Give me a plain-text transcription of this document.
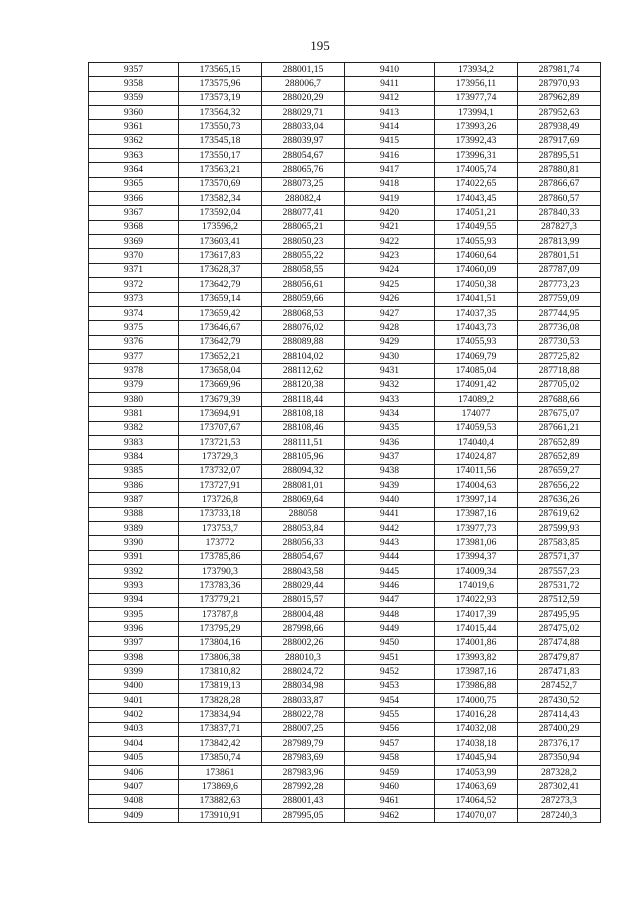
195
9357	173565,15	288001,15	9410	173934,2	287981,74
9358	173575,96	288006,7	9411	173956,11	287970,93
9359	173573,19	288020,29	9412	173977,74	287962,89
9360	173564,32	288029,71	9413	173994,1	287952,63
9361	173550,73	288033,04	9414	173993,26	287938,49
9362	173545,18	288039,97	9415	173992,43	287917,69
9363	173550,17	288054,67	9416	173996,31	287895,51
9364	173563,21	288065,76	9417	174005,74	287880,81
9365	173570,69	288073,25	9418	174022,65	287866,67
9366	173582,34	288082,4	9419	174043,45	287860,57
9367	173592,04	288077,41	9420	174051,21	287840,33
9368	173596,2	288065,21	9421	174049,55	287827,3
9369	173603,41	288050,23	9422	174055,93	287813,99
9370	173617,83	288055,22	9423	174060,64	287801,51
9371	173628,37	288058,55	9424	174060,09	287787,09
9372	173642,79	288056,61	9425	174050,38	287773,23
9373	173659,14	288059,66	9426	174041,51	287759,09
9374	173659,42	288068,53	9427	174037,35	287744,95
9375	173646,67	288076,02	9428	174043,73	287736,08
9376	173642,79	288089,88	9429	174055,93	287730,53
9377	173652,21	288104,02	9430	174069,79	287725,82
9378	173658,04	288112,62	9431	174085,04	287718,88
9379	173669,96	288120,38	9432	174091,42	287705,02
9380	173679,39	288118,44	9433	174089,2	287688,66
9381	173694,91	288108,18	9434	174077	287675,07
9382	173707,67	288108,46	9435	174059,53	287661,21
9383	173721,53	288111,51	9436	174040,4	287652,89
9384	173729,3	288105,96	9437	174024,87	287652,89
9385	173732,07	288094,32	9438	174011,56	287659,27
9386	173727,91	288081,01	9439	174004,63	287656,22
9387	173726,8	288069,64	9440	173997,14	287636,26
9388	173733,18	288058	9441	173987,16	287619,62
9389	173753,7	288053,84	9442	173977,73	287599,93
9390	173772	288056,33	9443	173981,06	287583,85
9391	173785,86	288054,67	9444	173994,37	287571,37
9392	173790,3	288043,58	9445	174009,34	287557,23
9393	173783,36	288029,44	9446	174019,6	287531,72
9394	173779,21	288015,57	9447	174022,93	287512,59
9395	173787,8	288004,48	9448	174017,39	287495,95
9396	173795,29	287998,66	9449	174015,44	287475,02
9397	173804,16	288002,26	9450	174001,86	287474,88
9398	173806,38	288010,3	9451	173993,82	287479,87
9399	173810,82	288024,72	9452	173987,16	287471,83
9400	173819,13	288034,98	9453	173986,88	287452,7
9401	173828,28	288033,87	9454	174000,75	287430,52
9402	173834,94	288022,78	9455	174016,28	287414,43
9403	173837,71	288007,25	9456	174032,08	287400,29
9404	173842,42	287989,79	9457	174038,18	287376,17
9405	173850,74	287983,69	9458	174045,94	287350,94
9406	173861	287983,96	9459	174053,99	287328,2
9407	173869,6	287992,28	9460	174063,69	287302,41
9408	173882,63	288001,43	9461	174064,52	287273,3
9409	173910,91	287995,05	9462	174070,07	287240,3
